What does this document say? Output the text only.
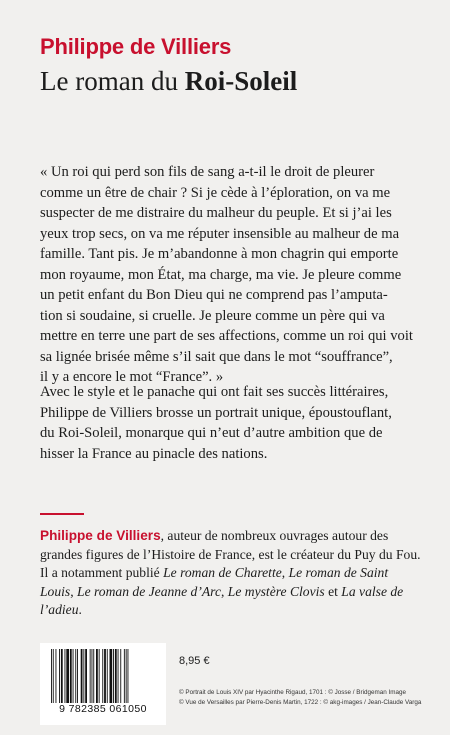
Philippe de Villiers
Le roman du Roi-Soleil
« Un roi qui perd son fils de sang a-t-il le droit de pleurer
comme un être de chair ? Si je cède à l’éploration, on va me
suspecter de me distraire du malheur du peuple. Et si j’ai les
yeux trop secs, on va me réputer insensible au malheur de ma
famille. Tant pis. Je m’abandonne à mon chagrin qui emporte
mon royaume, mon État, ma charge, ma vie. Je pleure comme
un petit enfant du Bon Dieu qui ne comprend pas l’amputa-
tion si soudaine, si cruelle. Je pleure comme un père qui va
mettre en terre une part de ses affections, comme un roi qui voit
sa lignée brisée même s’il sait que dans le mot “souffrance”,
il y a encore le mot “France”. »
Avec le style et le panache qui ont fait ses succès littéraires,
Philippe de Villiers brosse un portrait unique, époustouflant,
du Roi-Soleil, monarque qui n’eut d’autre ambition que de
hisser la France au pinacle des nations.
Philippe de Villiers, auteur de nombreux ouvrages autour des grandes figures de l’Histoire de France, est le créateur du Puy du Fou. Il a notamment publié Le roman de Charette, Le roman de Saint Louis, Le roman de Jeanne d’Arc, Le mystère Clovis et La valse de l’adieu.
9 782385 061050
8,95 €
© Portrait de Louis XIV par Hyacinthe Rigaud, 1701 : © Josse / Bridgeman Image
© Vue de Versailles par Pierre-Denis Martin, 1722 : © akg-images / Jean-Claude Varga
